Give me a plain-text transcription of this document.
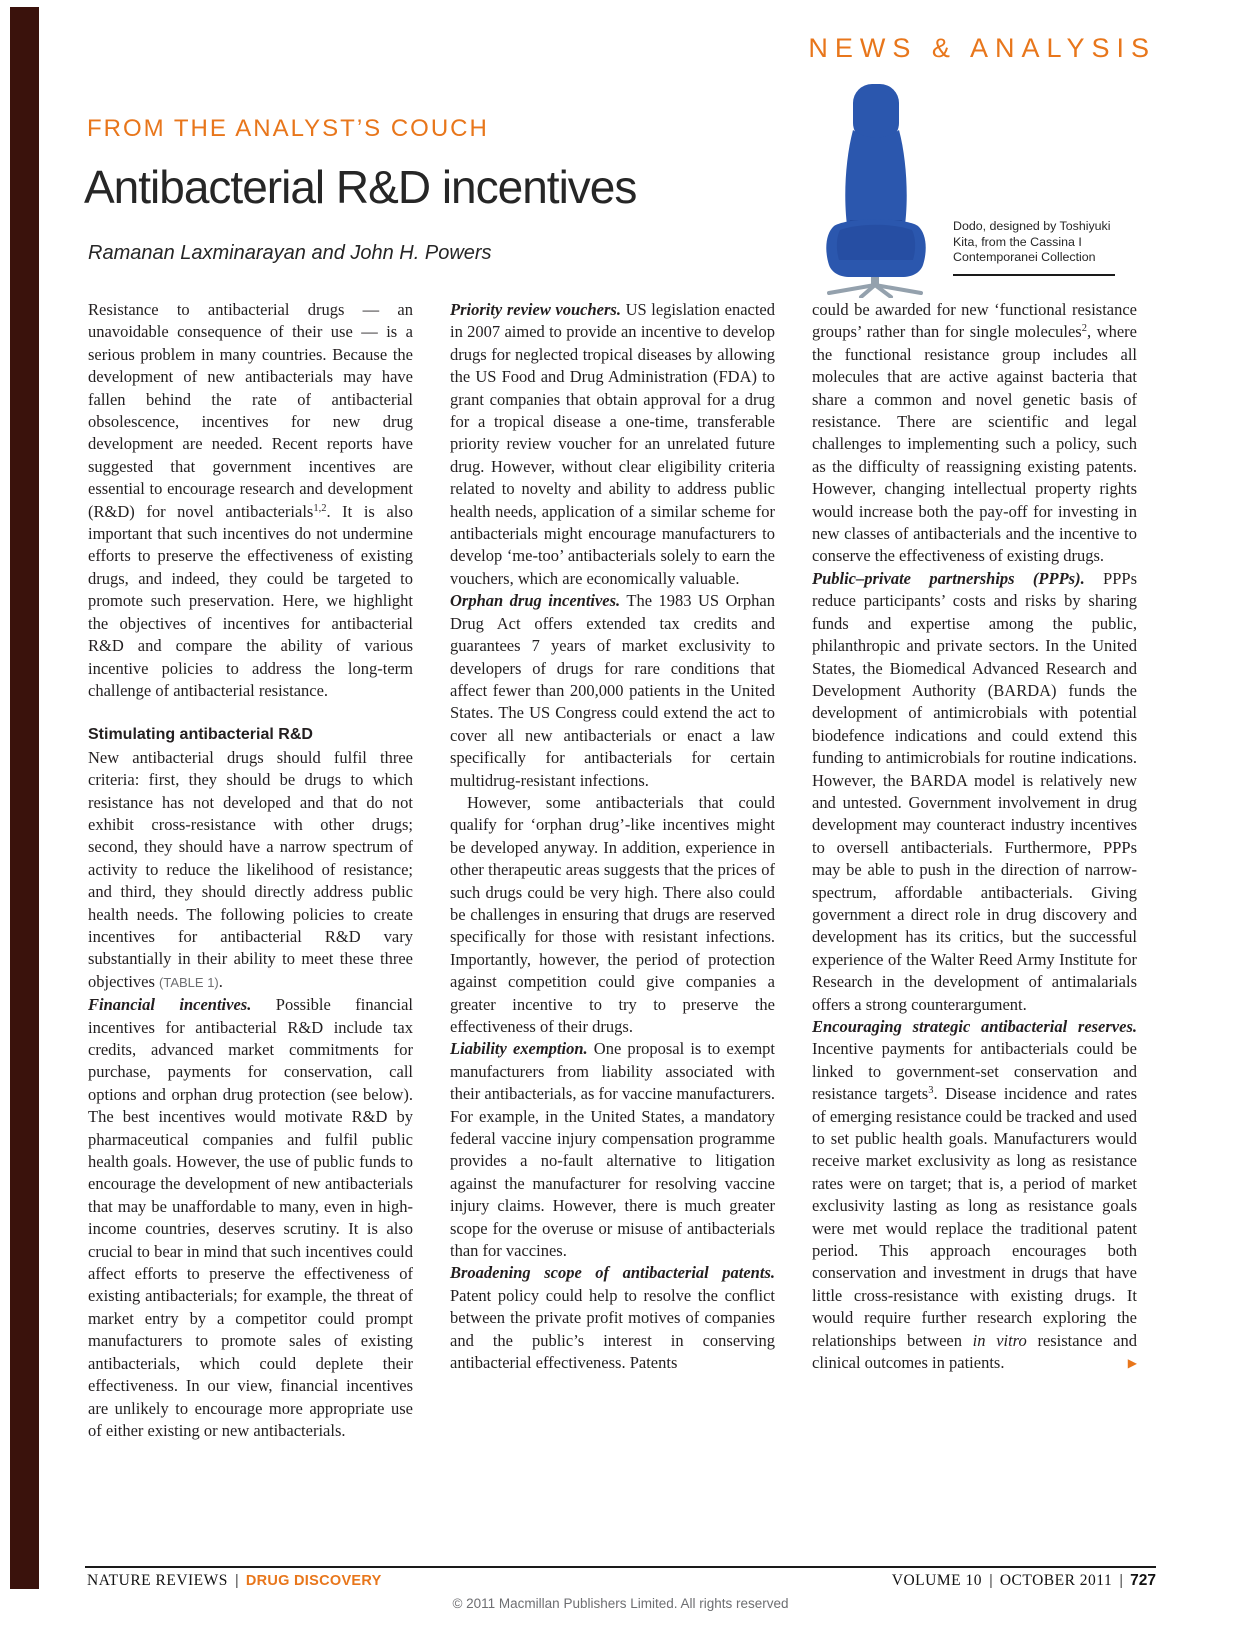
NEWS & ANALYSIS
FROM THE ANALYST’S COUCH
Antibacterial R&D incentives
Ramanan Laxminarayan and John H. Powers
Dodo, designed by Toshiyuki Kita, from the Cassina I Contemporanei Collection

Resistance to antibacterial drugs — an unavoidable consequence of their use — is a serious problem in many countries. Because the development of new antibacterials may have fallen behind the rate of antibacterial obsolescence, incentives for new drug development are needed. Recent reports have suggested that government incentives are essential to encourage research and development (R&D) for novel antibacterials$^{1,2}$. It is also important that such incentives do not undermine efforts to preserve the effectiveness of existing drugs, and indeed, they could be targeted to promote such preservation. Here, we highlight the objectives of incentives for antibacterial R&D and compare the ability of various incentive policies to address the long-term challenge of antibacterial resistance.

Stimulating antibacterial R&D

New antibacterial drugs should fulfil three criteria: first, they should be drugs to which resistance has not developed and that do not exhibit cross-resistance with other drugs; second, they should have a narrow spectrum of activity to reduce the likelihood of resistance; and third, they should directly address public health needs. The following policies to create incentives for antibacterial R&D vary substantially in their ability to meet these three objectives (TABLE 1).

Financial incentives. Possible financial incentives for antibacterial R&D include tax credits, advanced market commitments for purchase, payments for conservation, call options and orphan drug protection (see below). The best incentives would motivate R&D by pharmaceutical companies and fulfil public health goals. However, the use of public funds to encourage the development of new antibacterials that may be unaffordable to many, even in high-income countries, deserves scrutiny. It is also crucial to bear in mind that such incentives could affect efforts to preserve the effectiveness of existing antibacterials; for example, the threat of market entry by a competitor could prompt manufacturers to promote sales of existing antibacterials, which could deplete their effectiveness. In our view, financial incentives are unlikely to encourage more appropriate use of either existing or new antibacterials.

Priority review vouchers. US legislation enacted in 2007 aimed to provide an incentive to develop drugs for neglected tropical diseases by allowing the US Food and Drug Administration (FDA) to grant companies that obtain approval for a drug for a tropical disease a one-time, transferable priority review voucher for an unrelated future drug. However, without clear eligibility criteria related to novelty and ability to address public health needs, application of a similar scheme for antibacterials might encourage manufacturers to develop ‘me-too’ antibacterials solely to earn the vouchers, which are economically valuable.

Orphan drug incentives. The 1983 US Orphan Drug Act offers extended tax credits and guarantees 7 years of market exclusivity to developers of drugs for rare conditions that affect fewer than 200,000 patients in the United States. The US Congress could extend the act to cover all new antibacterials or enact a law specifically for antibacterials for certain multidrug-resistant infections.

However, some antibacterials that could qualify for ‘orphan drug’-like incentives might be developed anyway. In addition, experience in other therapeutic areas suggests that the prices of such drugs could be very high. There also could be challenges in ensuring that drugs are reserved specifically for those with resistant infections. Importantly, however, the period of protection against competition could give companies a greater incentive to try to preserve the effectiveness of their drugs.

Liability exemption. One proposal is to exempt manufacturers from liability associated with their antibacterials, as for vaccine manufacturers. For example, in the United States, a mandatory federal vaccine injury compensation programme provides a no-fault alternative to litigation against the manufacturer for resolving vaccine injury claims. However, there is much greater scope for the overuse or misuse of antibacterials than for vaccines.

Broadening scope of antibacterial patents. Patent policy could help to resolve the conflict between the private profit motives of companies and the public’s interest in conserving antibacterial effectiveness. Patents

could be awarded for new ‘functional resistance groups’ rather than for single molecules$^2$, where the functional resistance group includes all molecules that are active against bacteria that share a common and novel genetic basis of resistance. There are scientific and legal challenges to implementing such a policy, such as the difficulty of reassigning existing patents. However, changing intellectual property rights would increase both the pay-off for investing in new classes of antibacterials and the incentive to conserve the effectiveness of existing drugs.

Public–private partnerships (PPPs). PPPs reduce participants’ costs and risks by sharing funds and expertise among the public, philanthropic and private sectors. In the United States, the Biomedical Advanced Research and Development Authority (BARDA) funds the development of antimicrobials with potential biodefence indications and could extend this funding to antimicrobials for routine indications. However, the BARDA model is relatively new and untested. Government involvement in drug development may counteract industry incentives to oversell antibacterials. Furthermore, PPPs may be able to push in the direction of narrow-spectrum, affordable antibacterials. Giving government a direct role in drug discovery and development has its critics, but the successful experience of the Walter Reed Army Institute for Research in the development of antimalarials offers a strong counterargument.

Encouraging strategic antibacterial reserves. Incentive payments for antibacterials could be linked to government-set conservation and resistance targets$^3$. Disease incidence and rates of emerging resistance could be tracked and used to set public health goals. Manufacturers would receive market exclusivity as long as resistance rates were on target; that is, a period of market exclusivity lasting as long as resistance goals were met would replace the traditional patent period. This approach encourages both conservation and investment in drugs that have little cross-resistance with existing drugs. It would require further research exploring the relationships between in vitro resistance and clinical outcomes in patients.	▶

NATURE REVIEWS | DRUG DISCOVERY	VOLUME 10 | OCTOBER 2011 | 727
© 2011 Macmillan Publishers Limited. All rights reserved
